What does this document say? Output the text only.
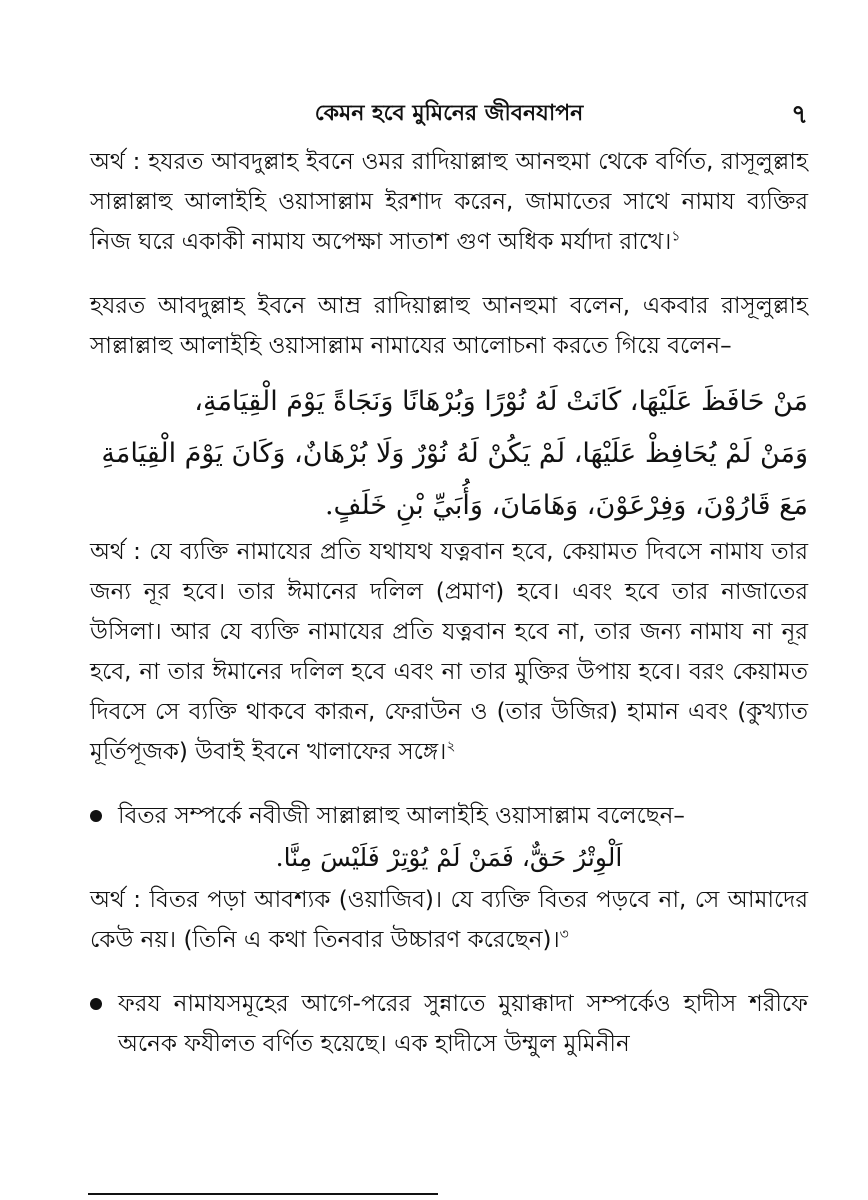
কেমন হবে মুমিনের জীবনযাপন	৭

অর্থ : হযরত আবদুল্লাহ ইবনে ওমর রাদিয়াল্লাহু আনহুমা থেকে বর্ণিত, রাসূলুল্লাহ সাল্লাল্লাহু আলাইহি ওয়াসাল্লাম ইরশাদ করেন, জামাতের সাথে নামায ব্যক্তির নিজ ঘরে একাকী নামায অপেক্ষা সাতাশ গুণ অধিক মর্যাদা রাখে।$^১$

হযরত আবদুল্লাহ ইবনে আম্র রাদিয়াল্লাহু আনহুমা বলেন, একবার রাসূলুল্লাহ সাল্লাল্লাহু আলাইহি ওয়াসাল্লাম নামাযের আলোচনা করতে গিয়ে বলেন–

مَنْ حَافَظَ عَلَيْهَا، كَانَتْ لَهُ نُوْرًا وَبُرْهَانًا وَنَجَاةً يَوْمَ الْقِيَامَةِ،
وَمَنْ لَمْ يُحَافِظْ عَلَيْهَا، لَمْ يَكُنْ لَهُ نُوْرٌ وَلَا بُرْهَانٌ، وَكَانَ يَوْمَ الْقِيَامَةِ
مَعَ قَارُوْنَ، وَفِرْعَوْنَ، وَهَامَانَ، وَأُبَيِّ بْنِ خَلَفٍ.

অর্থ : যে ব্যক্তি নামাযের প্রতি যথাযথ যত্নবান হবে, কেয়ামত দিবসে নামায তার জন্য নূর হবে। তার ঈমানের দলিল (প্রমাণ) হবে। এবং হবে তার নাজাতের উসিলা। আর যে ব্যক্তি নামাযের প্রতি যত্নবান হবে না, তার জন্য নামায না নূর হবে, না তার ঈমানের দলিল হবে এবং না তার মুক্তির উপায় হবে। বরং কেয়ামত দিবসে সে ব্যক্তি থাকবে কারূন, ফেরাউন ও (তার উজির) হামান এবং (কুখ্যাত মূর্তিপূজক) উবাই ইবনে খালাফের সঙ্গে।$^২$

বিতর সম্পর্কে নবীজী সাল্লাল্লাহু আলাইহি ওয়াসাল্লাম বলেছেন–

اَلْوِتْرُ حَقٌّ، فَمَنْ لَمْ يُوْتِرْ فَلَيْسَ مِنَّا.

অর্থ : বিতর পড়া আবশ্যক (ওয়াজিব)। যে ব্যক্তি বিতর পড়বে না, সে আমাদের কেউ নয়। (তিনি এ কথা তিনবার উচ্চারণ করেছেন)।$^৩$

ফরয নামাযসমূহের আগে-পরের সুন্নাতে মুয়াক্কাদা সম্পর্কেও হাদীস শরীফে অনেক ফযীলত বর্ণিত হয়েছে। এক হাদীসে উম্মুল মুমিনীন
